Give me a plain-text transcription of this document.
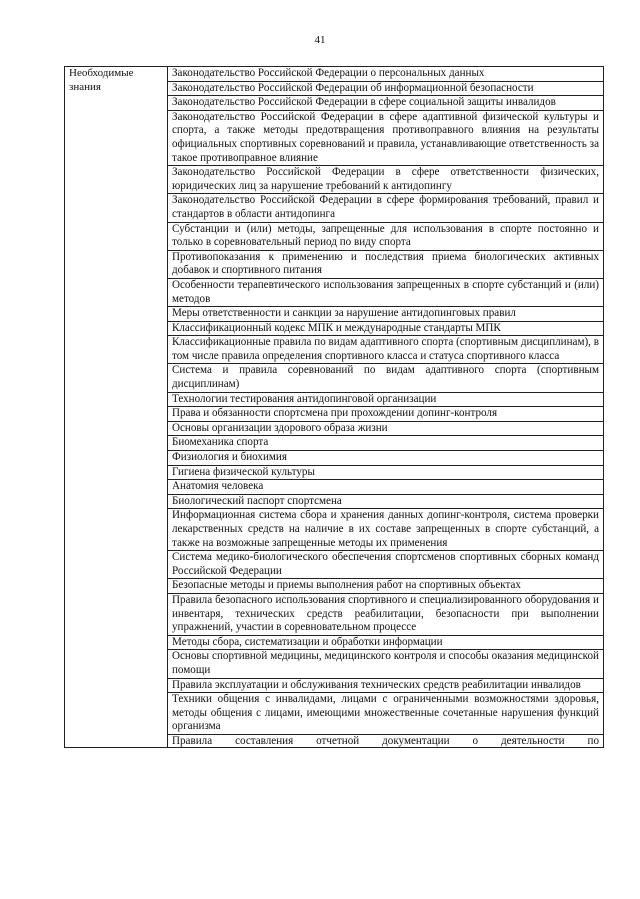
41
Необходимые знания	Законодательство Российской Федерации о персональных данных
Законодательство Российской Федерации об информационной безопасности
Законодательство Российской Федерации в сфере социальной защиты инвалидов
Законодательство Российской Федерации в сфере адаптивной физической культуры и спорта, а также методы предотвращения противоправного влияния на результаты официальных спортивных соревнований и правила, устанавливающие ответственность за такое противоправное влияние
Законодательство Российской Федерации в сфере ответственности физических, юридических лиц за нарушение требований к антидопингу
Законодательство Российской Федерации в сфере формирования требований, правил и стандартов в области антидопинга
Субстанции и (или) методы, запрещенные для использования в спорте постоянно и только в соревновательный период по виду спорта
Противопоказания к применению и последствия приема биологических активных добавок и спортивного питания
Особенности терапевтического использования запрещенных в спорте субстанций и (или) методов
Меры ответственности и санкции за нарушение антидопинговых правил
Классификационный кодекс МПК и международные стандарты МПК
Классификационные правила по видам адаптивного спорта (спортивным дисциплинам), в том числе правила определения спортивного класса и статуса спортивного класса
Система и правила соревнований по видам адаптивного спорта (спортивным дисциплинам)
Технологии тестирования антидопинговой организации
Права и обязанности спортсмена при прохождении допинг-контроля
Основы организации здорового образа жизни
Биомеханика спорта
Физиология и биохимия
Гигиена физической культуры
Анатомия человека
Биологический паспорт спортсмена
Информационная система сбора и хранения данных допинг-контроля, система проверки лекарственных средств на наличие в их составе запрещенных в спорте субстанций, а также на возможные запрещенные методы их применения
Система медико-биологического обеспечения спортсменов спортивных сборных команд Российской Федерации
Безопасные методы и приемы выполнения работ на спортивных объектах
Правила безопасного использования спортивного и специализированного оборудования и инвентаря, технических средств реабилитации, безопасности при выполнении упражнений, участии в соревновательном процессе
Методы сбора, систематизации и обработки информации
Основы спортивной медицины, медицинского контроля и способы оказания медицинской помощи
Правила эксплуатации и обслуживания технических средств реабилитации инвалидов
Техники общения с инвалидами, лицами с ограниченными возможностями здоровья, методы общения с лицами, имеющими множественные сочетанные нарушения функций организма

Правила составления отчетной документации о деятельности по
